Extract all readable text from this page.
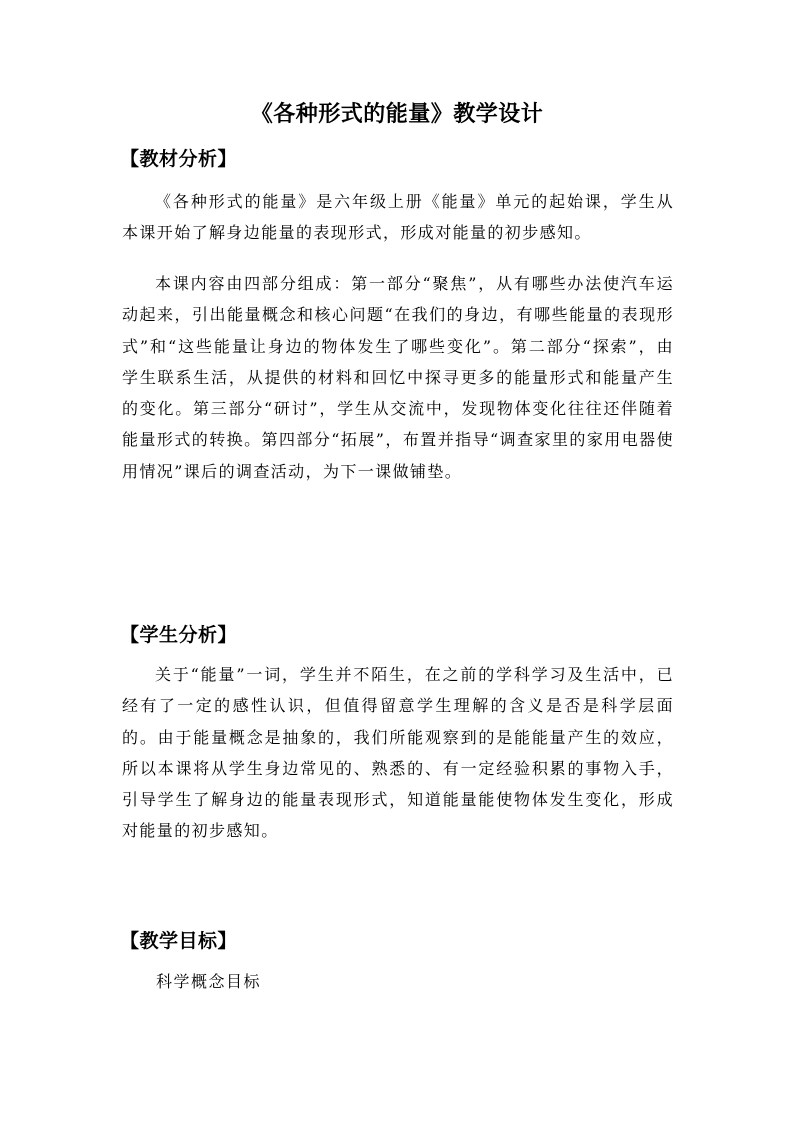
《各种形式的能量》教学设计
【教材分析】
《各种形式的能量》是六年级上册《能量》单元的起始课，学生从本课开始了解身边能量的表现形式，形成对能量的初步感知。
本课内容由四部分组成：第一部分“聚焦”，从有哪些办法使汽车运动起来，引出能量概念和核心问题“在我们的身边，有哪些能量的表现形式”和“这些能量让身边的物体发生了哪些变化”。第二部分“探索”，由学生联系生活，从提供的材料和回忆中探寻更多的能量形式和能量产生的变化。第三部分“研讨”，学生从交流中，发现物体变化往往还伴随着能量形式的转换。第四部分“拓展”，布置并指导“调查家里的家用电器使用情况”课后的调查活动，为下一课做铺垫。
【学生分析】
关于“能量”一词，学生并不陌生，在之前的学科学习及生活中，已经有了一定的感性认识，但值得留意学生理解的含义是否是科学层面的。由于能量概念是抽象的，我们所能观察到的是能能量产生的效应，所以本课将从学生身边常见的、熟悉的、有一定经验积累的事物入手，引导学生了解身边的能量表现形式，知道能量能使物体发生变化，形成对能量的初步感知。
【教学目标】
科学概念目标
